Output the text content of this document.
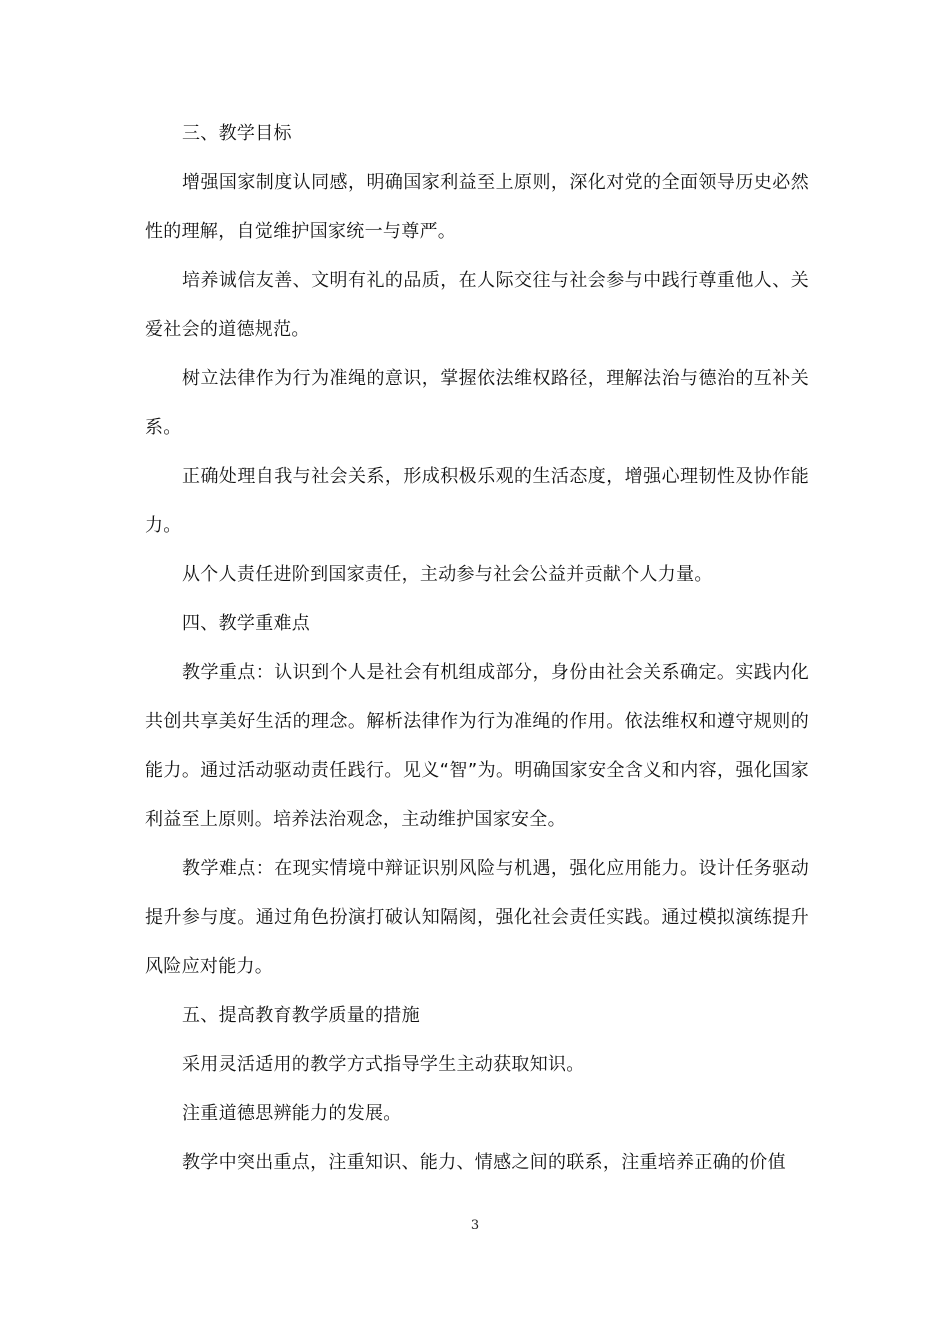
三、教学目标

增强国家制度认同感，明确国家利益至上原则，深化对党的全面领导历史必然性的理解，自觉维护国家统一与尊严。

培养诚信友善、文明有礼的品质，在人际交往与社会参与中践行尊重他人、关爱社会的道德规范。

树立法律作为行为准绳的意识，掌握依法维权路径，理解法治与德治的互补关系。

正确处理自我与社会关系，形成积极乐观的生活态度，增强心理韧性及协作能力。

从个人责任进阶到国家责任，主动参与社会公益并贡献个人力量。

四、教学重难点

教学重点：认识到个人是社会有机组成部分，身份由社会关系确定。实践内化共创共享美好生活的理念。解析法律作为行为准绳的作用。依法维权和遵守规则的能力。通过活动驱动责任践行。见义“智”为。明确国家安全含义和内容，强化国家利益至上原则。培养法治观念，主动维护国家安全。

教学难点：在现实情境中辩证识别风险与机遇，强化应用能力。设计任务驱动提升参与度。通过角色扮演打破认知隔阂，强化社会责任实践。通过模拟演练提升风险应对能力。

五、提高教育教学质量的措施

采用灵活适用的教学方式指导学生主动获取知识。

注重道德思辨能力的发展。

教学中突出重点，注重知识、能力、情感之间的联系，注重培养正确的价值

3
